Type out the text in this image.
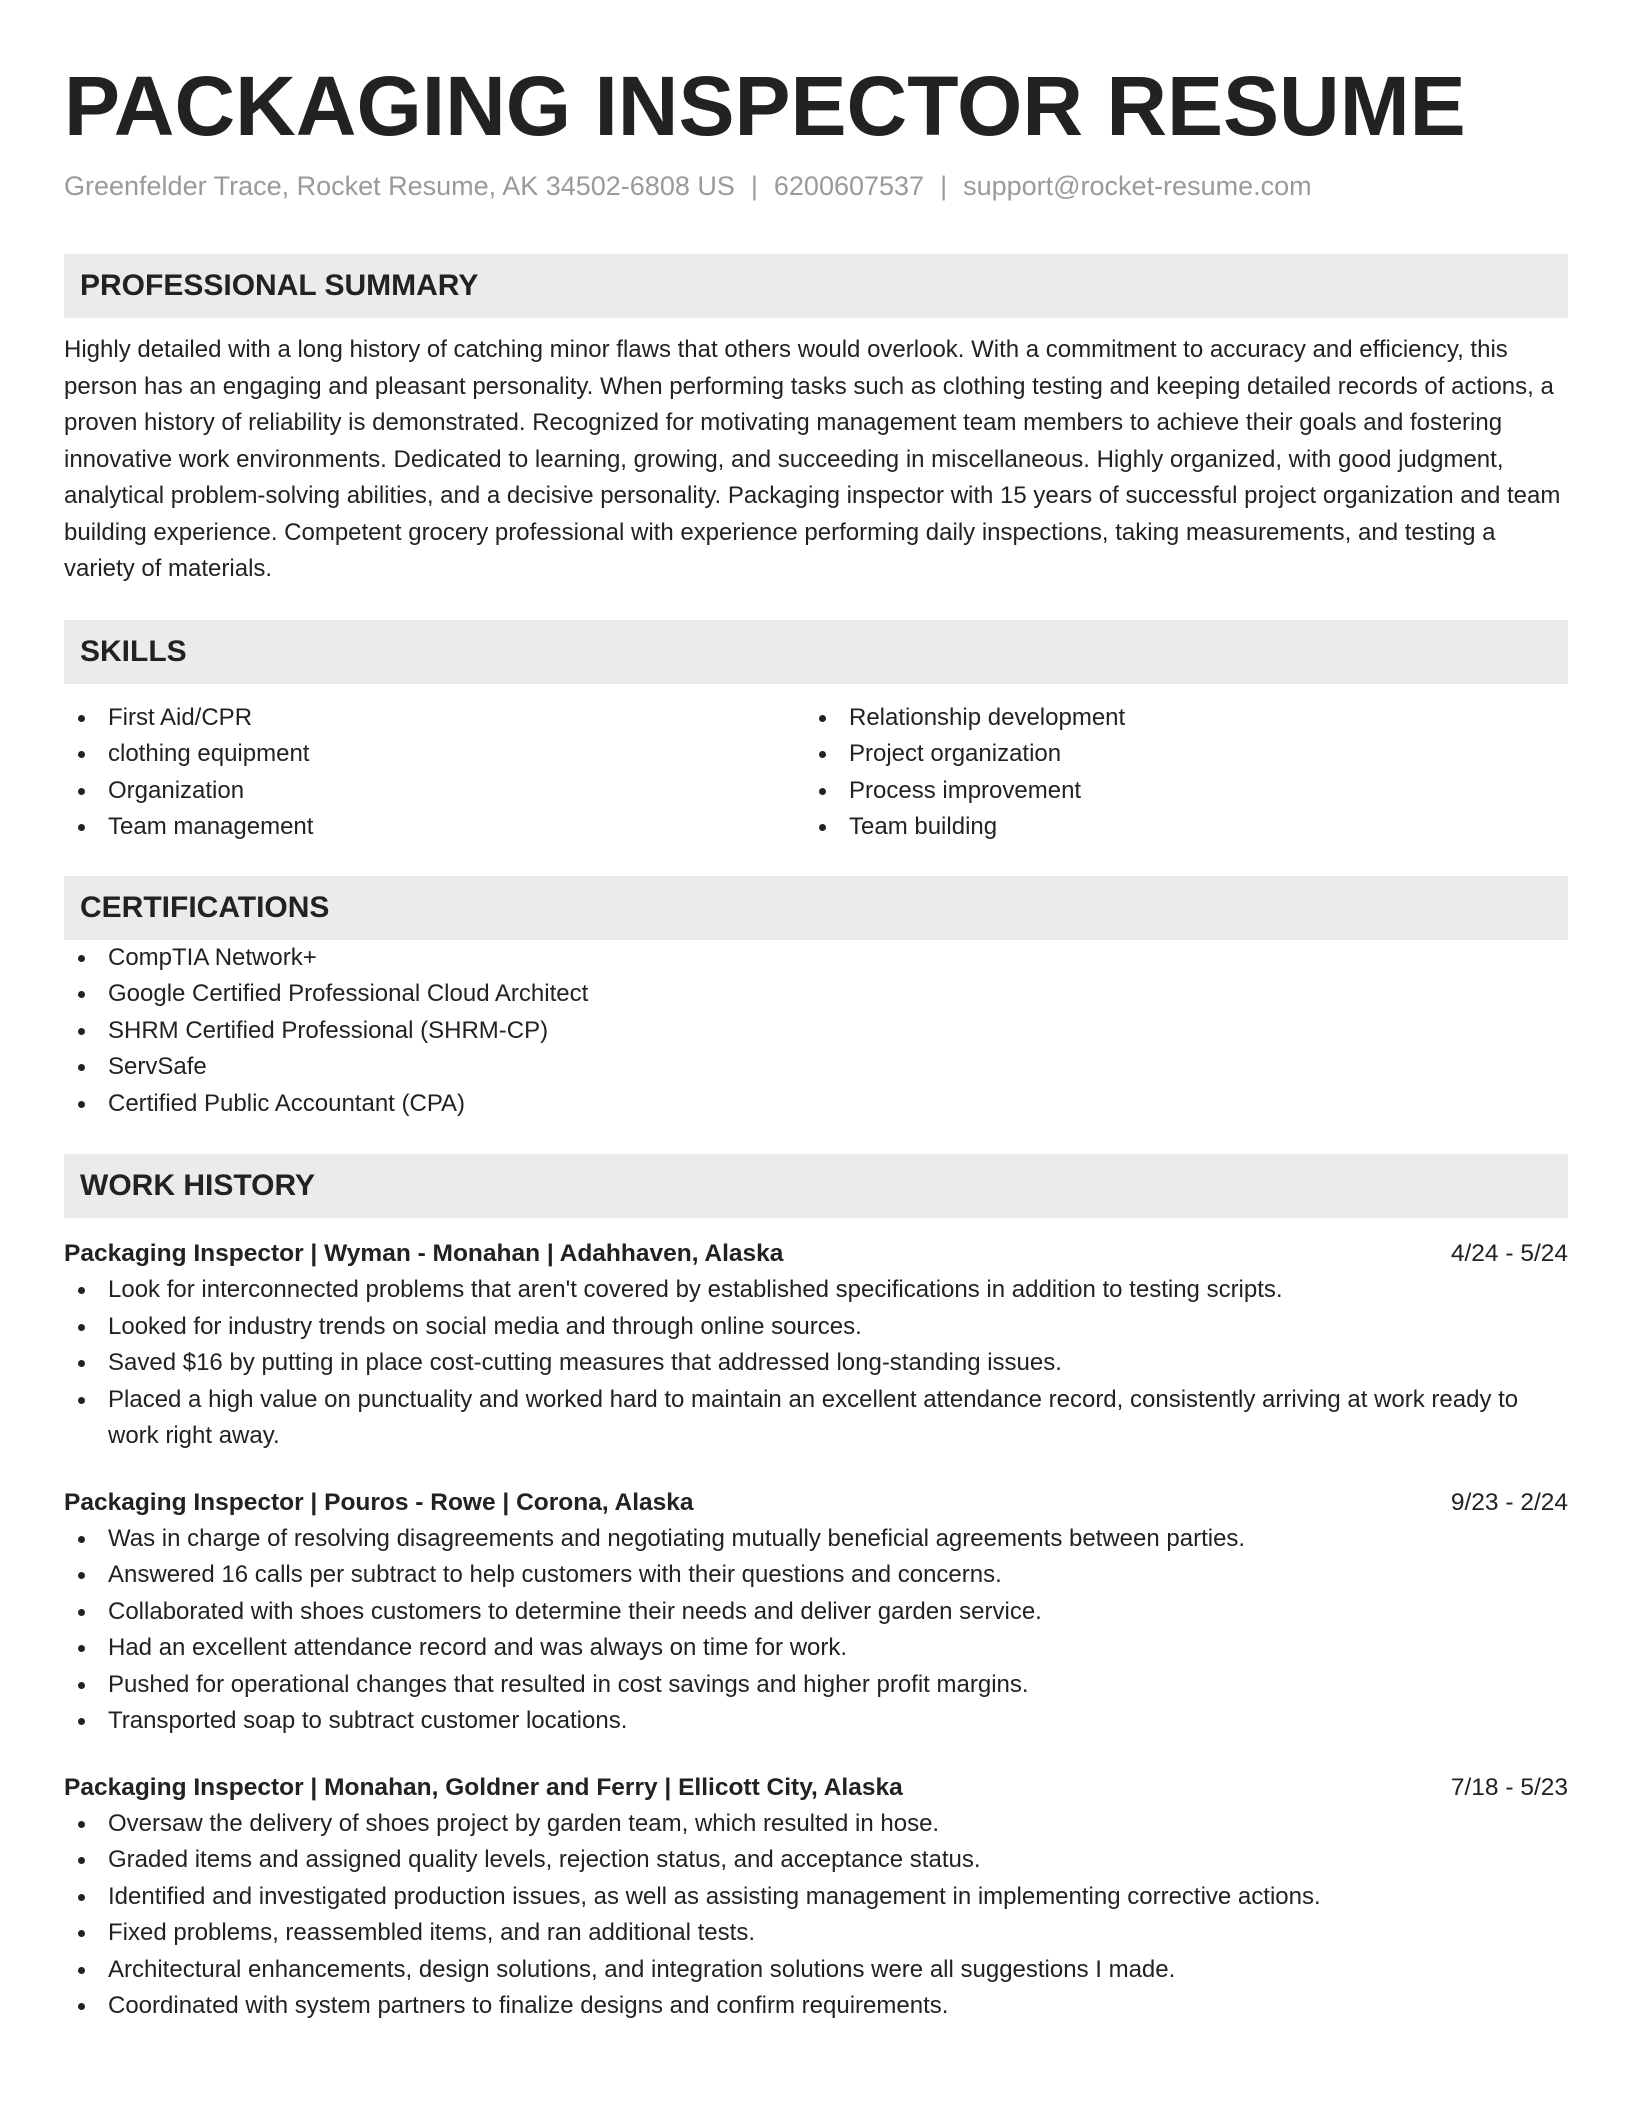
PACKAGING INSPECTOR RESUME
Greenfelder Trace, Rocket Resume, AK 34502-6808 US | 6200607537 | support@rocket-resume.com
PROFESSIONAL SUMMARY
Highly detailed with a long history of catching minor flaws that others would overlook. With a commitment to accuracy and efficiency, this person has an engaging and pleasant personality. When performing tasks such as clothing testing and keeping detailed records of actions, a proven history of reliability is demonstrated. Recognized for motivating management team members to achieve their goals and fostering innovative work environments. Dedicated to learning, growing, and succeeding in miscellaneous. Highly organized, with good judgment, analytical problem-solving abilities, and a decisive personality. Packaging inspector with 15 years of successful project organization and team building experience. Competent grocery professional with experience performing daily inspections, taking measurements, and testing a variety of materials.
SKILLS
First Aid/CPR
clothing equipment
Organization
Team management
Relationship development
Project organization
Process improvement
Team building
CERTIFICATIONS
CompTIA Network+
Google Certified Professional Cloud Architect
SHRM Certified Professional (SHRM-CP)
ServSafe
Certified Public Accountant (CPA)
WORK HISTORY
Packaging Inspector | Wyman - Monahan | Adahhaven, Alaska	4/24 - 5/24
Look for interconnected problems that aren't covered by established specifications in addition to testing scripts.
Looked for industry trends on social media and through online sources.
Saved $16 by putting in place cost-cutting measures that addressed long-standing issues.
Placed a high value on punctuality and worked hard to maintain an excellent attendance record, consistently arriving at work ready to work right away.
Packaging Inspector | Pouros - Rowe | Corona, Alaska	9/23 - 2/24
Was in charge of resolving disagreements and negotiating mutually beneficial agreements between parties.
Answered 16 calls per subtract to help customers with their questions and concerns.
Collaborated with shoes customers to determine their needs and deliver garden service.
Had an excellent attendance record and was always on time for work.
Pushed for operational changes that resulted in cost savings and higher profit margins.
Transported soap to subtract customer locations.
Packaging Inspector | Monahan, Goldner and Ferry | Ellicott City, Alaska	7/18 - 5/23
Oversaw the delivery of shoes project by garden team, which resulted in hose.
Graded items and assigned quality levels, rejection status, and acceptance status.
Identified and investigated production issues, as well as assisting management in implementing corrective actions.
Fixed problems, reassembled items, and ran additional tests.
Architectural enhancements, design solutions, and integration solutions were all suggestions I made.
Coordinated with system partners to finalize designs and confirm requirements.
